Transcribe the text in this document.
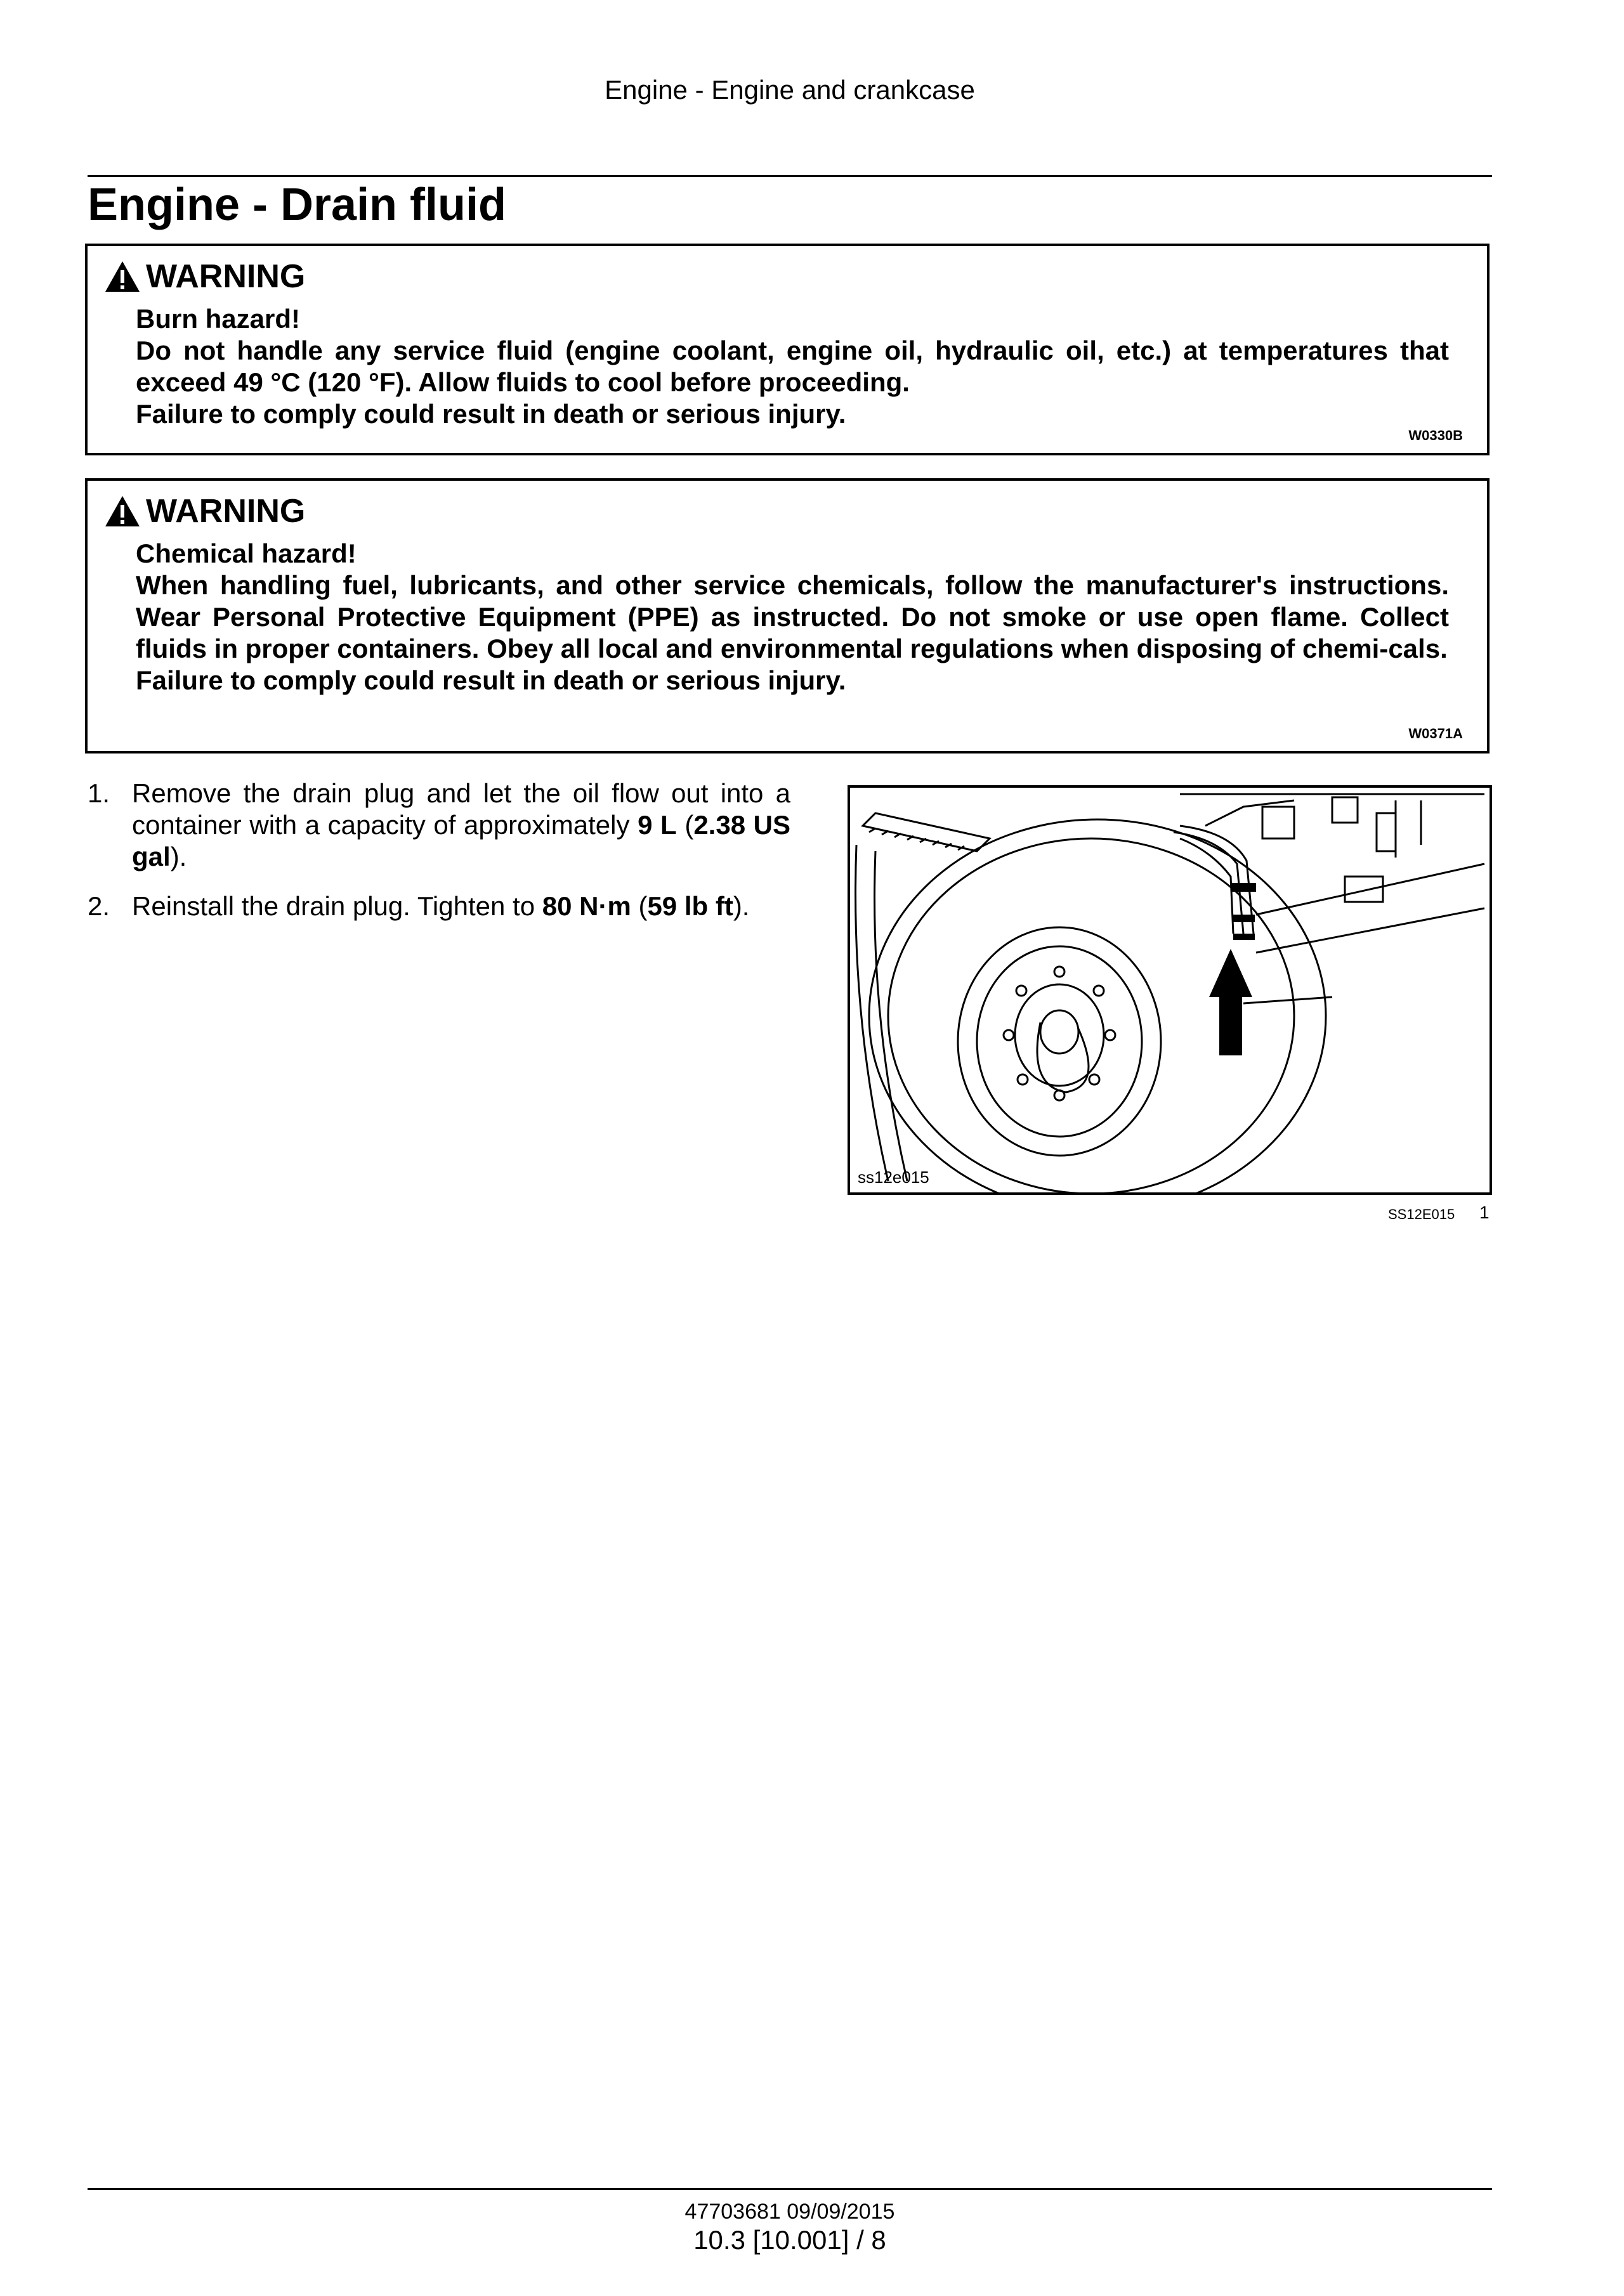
Engine - Engine and crankcase
Engine - Drain fluid
WARNING

Burn hazard!

Do not handle any service fluid (engine coolant, engine oil, hydraulic oil, etc.) at temperatures that exceed 49 °C (120 °F). Allow fluids to cool before proceeding.

Failure to comply could result in death or serious injury.

W0330B
WARNING

Chemical hazard!

When handling fuel, lubricants, and other service chemicals, follow the manufacturer's instructions. Wear Personal Protective Equipment (PPE) as instructed. Do not smoke or use open flame. Collect fluids in proper containers. Obey all local and environmental regulations when disposing of chemi-cals.

Failure to comply could result in death or serious injury.

W0371A
1. Remove the drain plug and let the oil flow out into a container with a capacity of approximately 9 L (2.38 US gal).
2. Reinstall the drain plug. Tighten to 80 N·m (59 lb ft).
ss12e015
SS12E015 1
47703681 09/09/2015
10.3 [10.001] / 8
